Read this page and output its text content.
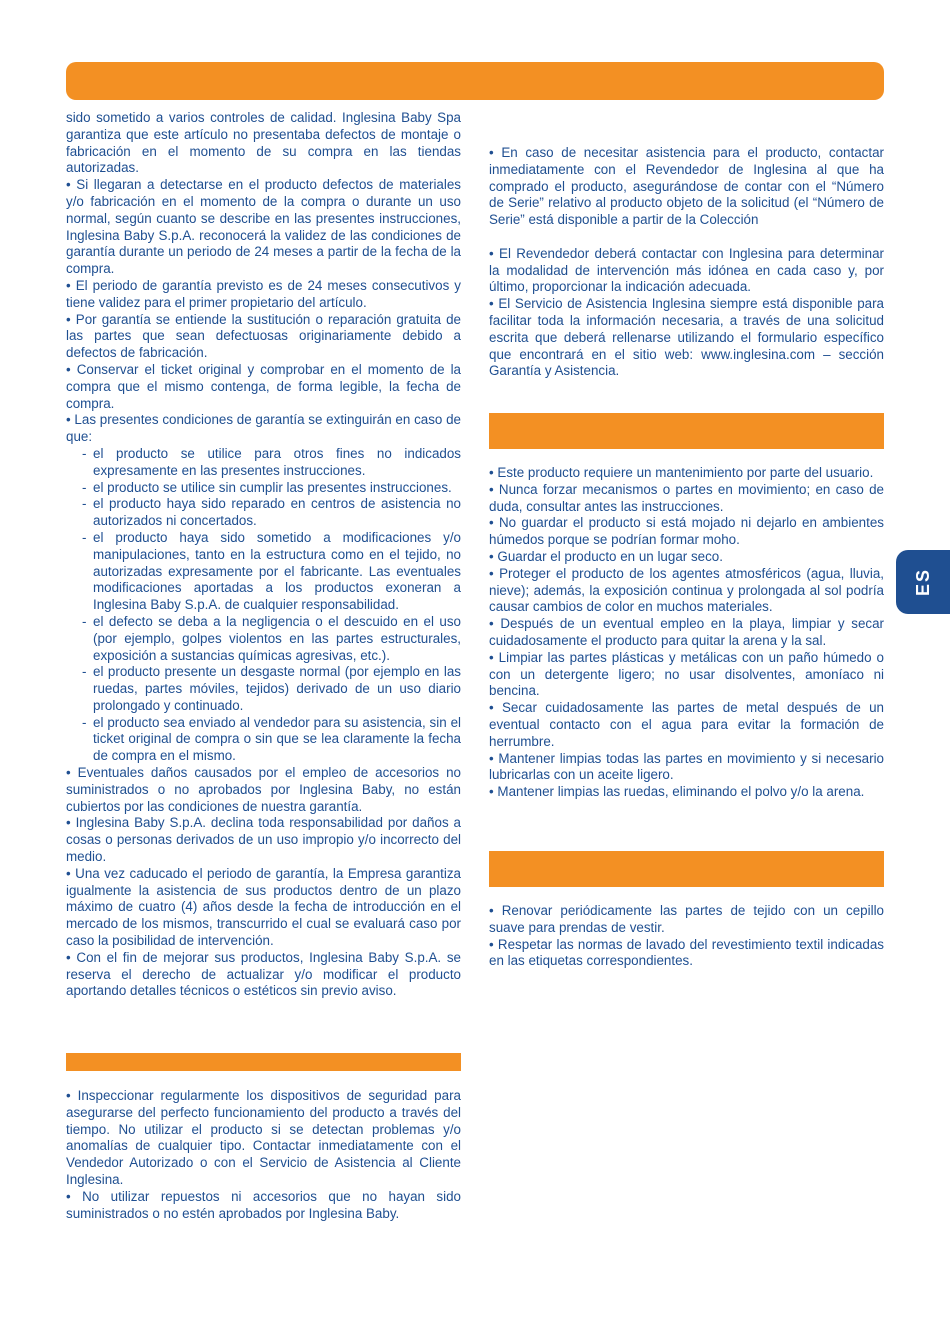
sido sometido a varios controles de calidad. Inglesina Baby Spa garantiza que este artículo no presentaba defectos de montaje o fabricación en el momento de su compra en las tiendas autorizadas.

• Si llegaran a detectarse en el producto defectos de materiales y/o fabricación en el momento de la compra o durante un uso normal, según cuanto se describe en las presentes instrucciones, Inglesina Baby S.p.A. reconocerá la validez de las condiciones de garantía durante un periodo de 24 meses a partir de la fecha de la compra.

• El periodo de garantía previsto es de 24 meses consecutivos y tiene validez para el primer propietario del artículo.

• Por garantía se entiende la sustitución o reparación gratuita de las partes que sean defectuosas originariamente debido a defectos de fabricación.

• Conservar el ticket original y comprobar en el momento de la compra que el mismo contenga, de forma legible, la fecha de compra.

• Las presentes condiciones de garantía se extinguirán en caso de que:

- el producto se utilice para otros fines no indicados expresamente en las presentes instrucciones.
- el producto se utilice sin cumplir las presentes instrucciones.
- el producto haya sido reparado en centros de asistencia no autorizados ni concertados.
- el producto haya sido sometido a modificaciones y/o manipulaciones, tanto en la estructura como en el tejido, no autorizadas expresamente por el fabricante. Las eventuales modificaciones aportadas a los productos exoneran a Inglesina Baby S.p.A. de cualquier responsabilidad.
- el defecto se deba a la negligencia o el descuido en el uso (por ejemplo, golpes violentos en las partes estructurales, exposición a sustancias químicas agresivas, etc.).
- el producto presente un desgaste normal (por ejemplo en las ruedas, partes móviles, tejidos) derivado de un uso diario prolongado y continuado.
- el producto sea enviado al vendedor para su asistencia, sin el ticket original de compra o sin que se lea claramente la fecha de compra en el mismo.

• Eventuales daños causados por el empleo de accesorios no suministrados o no aprobados por Inglesina Baby, no están cubiertos por las condiciones de nuestra garantía.

• Inglesina Baby S.p.A. declina toda responsabilidad por daños a cosas o personas derivados de un uso impropio y/o incorrecto del medio.

• Una vez caducado el periodo de garantía, la Empresa garantiza igualmente la asistencia de sus productos dentro de un plazo máximo de cuatro (4) años desde la fecha de introducción en el mercado de los mismos, transcurrido el cual se evaluará caso por caso la posibilidad de intervención.

• Con el fin de mejorar sus productos, Inglesina Baby S.p.A. se reserva el derecho de actualizar y/o modificar el producto aportando detalles técnicos o estéticos sin previo aviso.

• Inspeccionar regularmente los dispositivos de seguridad para asegurarse del perfecto funcionamiento del producto a través del tiempo. No utilizar el producto si se detectan problemas y/o anomalías de cualquier tipo. Contactar inmediatamente con el Vendedor Autorizado o con el Servicio de Asistencia al Cliente Inglesina.

• No utilizar repuestos ni accesorios que no hayan sido suministrados o no estén aprobados por Inglesina Baby.

• En caso de necesitar asistencia para el producto, contactar inmediatamente con el Revendedor de Inglesina al que ha comprado el producto, asegurándose de contar con el “Número de Serie” relativo al producto objeto de la solicitud (el “Número de Serie” está disponible a partir de la Colección

• El Revendedor deberá contactar con Inglesina para determinar la modalidad de intervención más idónea en cada caso y, por último, proporcionar la indicación adecuada.

• El Servicio de Asistencia Inglesina siempre está disponible para facilitar toda la información necesaria, a través de una solicitud escrita que deberá rellenarse utilizando el formulario específico que encontrará en el sitio web: www.inglesina.com – sección Garantía y Asistencia.

• Este producto requiere un mantenimiento por parte del usuario.

• Nunca forzar mecanismos o partes en movimiento; en caso de duda, consultar antes las instrucciones.

• No guardar el producto si está mojado ni dejarlo en ambientes húmedos porque se podrían formar moho.

• Guardar el producto en un lugar seco.

• Proteger el producto de los agentes atmosféricos (agua, lluvia, nieve); además, la exposición continua y prolongada al sol podría causar cambios de color en muchos materiales.

• Después de un eventual empleo en la playa, limpiar y secar cuidadosamente el producto para quitar la arena y la sal.

• Limpiar las partes plásticas y metálicas con un paño húmedo o con un detergente ligero; no usar disolventes, amoníaco ni bencina.

• Secar cuidadosamente las partes de metal después de un eventual contacto con el agua para evitar la formación de herrumbre.

• Mantener limpias todas las partes en movimiento y si necesario lubricarlas con un aceite ligero.

• Mantener limpias las ruedas, eliminando el polvo y/o la arena.

• Renovar periódicamente las partes de tejido con un cepillo suave para prendas de vestir.

• Respetar las normas de lavado del revestimiento textil indicadas en las etiquetas correspondientes.

ES
